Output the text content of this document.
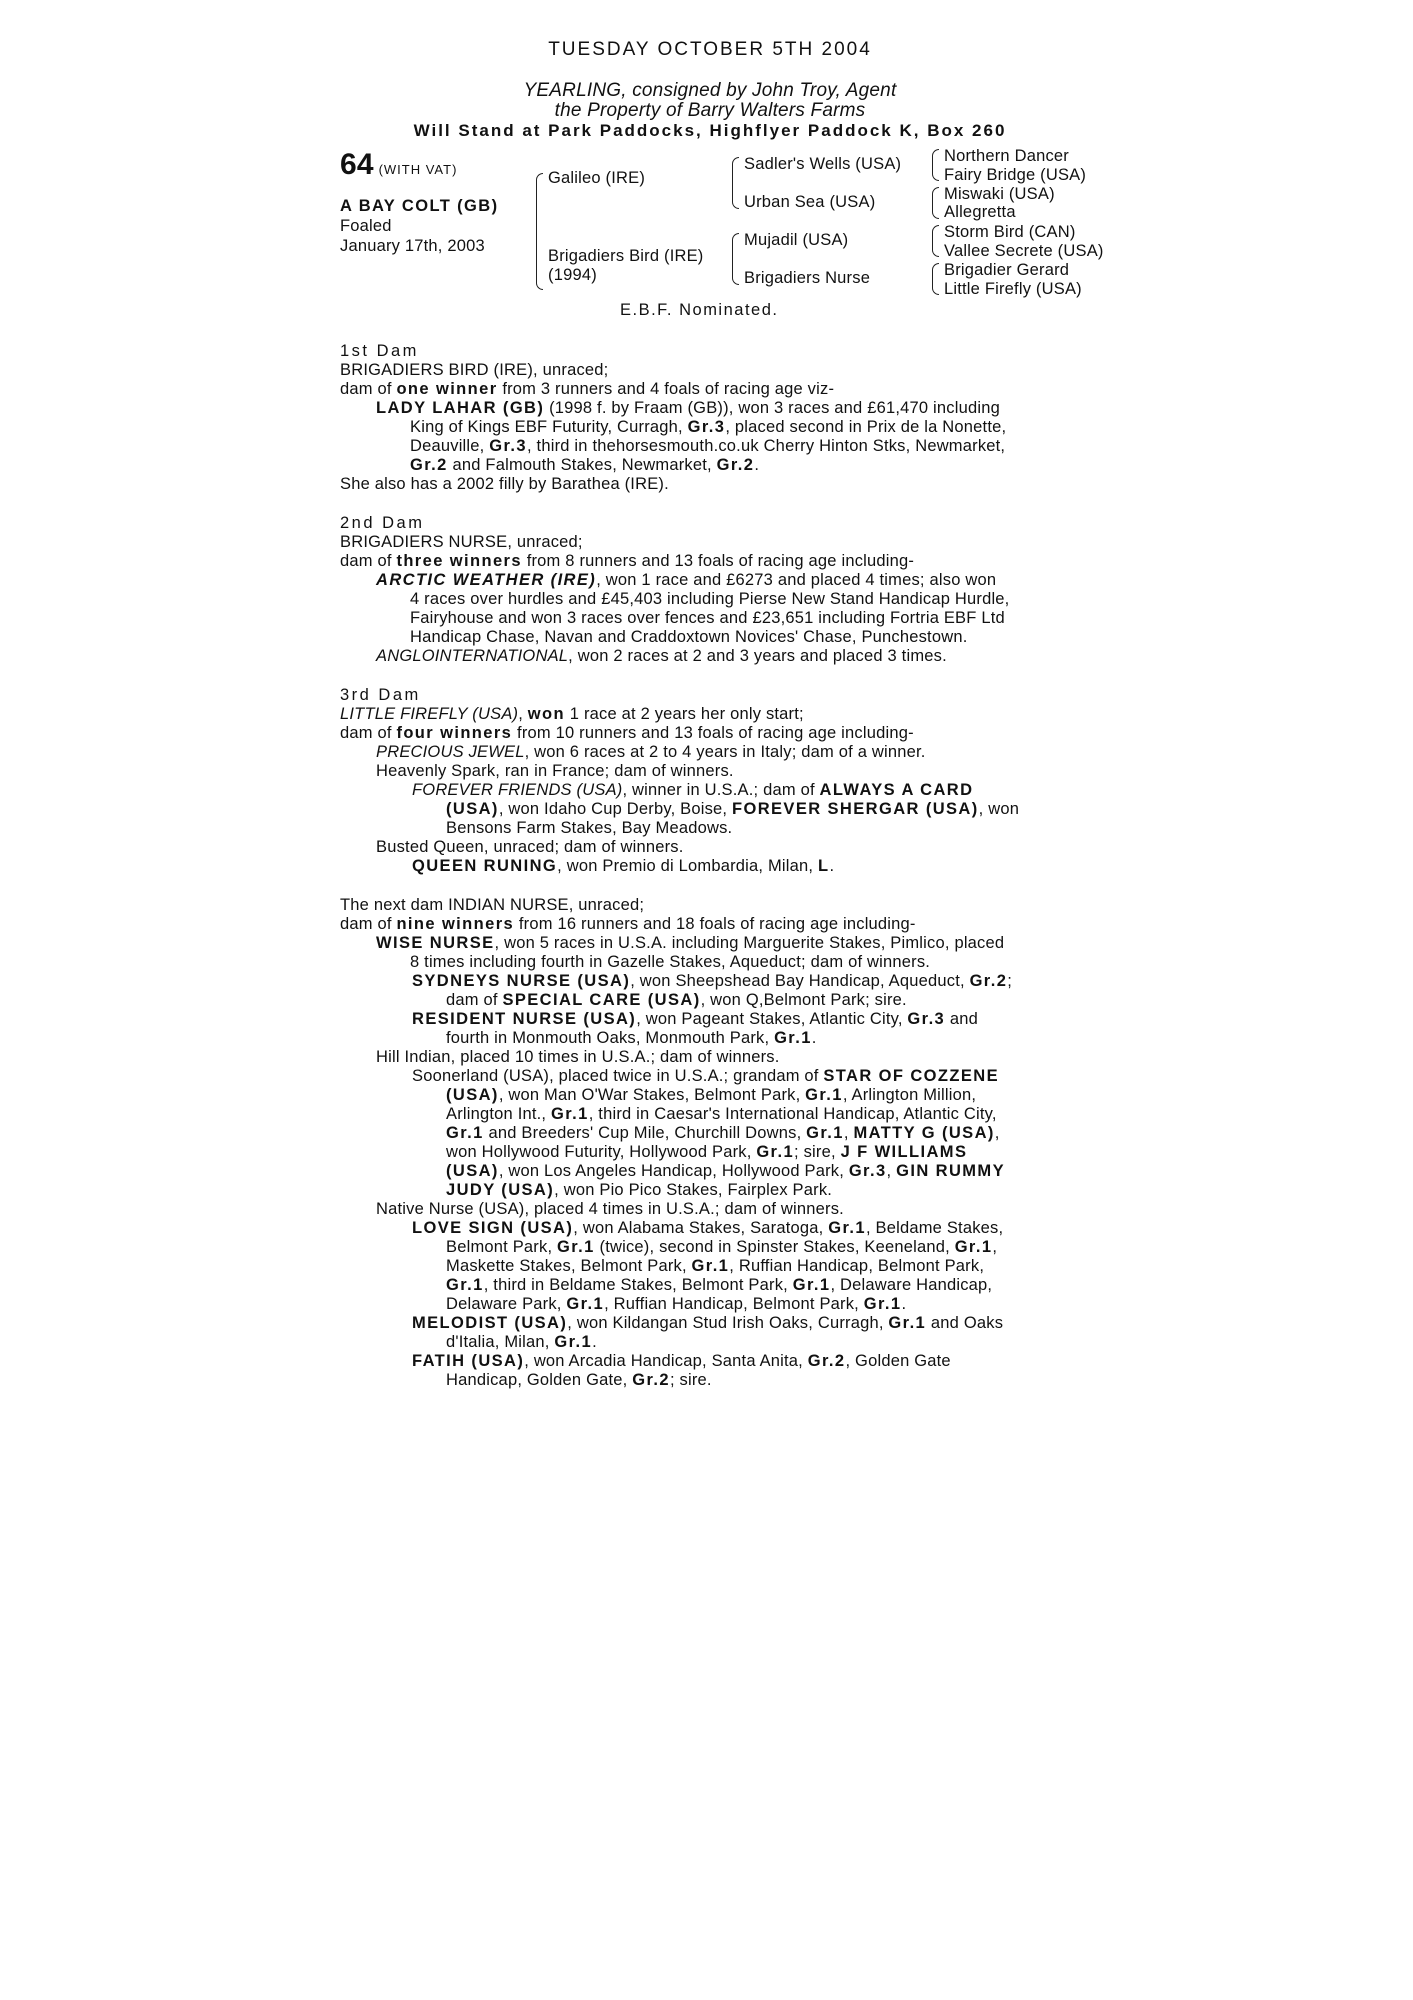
TUESDAY OCTOBER 5TH 2004
YEARLING, consigned by John Troy, Agent
the Property of Barry Walters Farms
Will Stand at Park Paddocks, Highflyer Paddock K, Box 260
64 (WITH VAT)
A BAY COLT (GB)
Foaled
January 17th, 2003
Galileo (IRE)
Brigadiers Bird (IRE)
(1994)
Sadler's Wells (USA)
Urban Sea (USA)
Mujadil (USA)
Brigadiers Nurse
Northern Dancer
Fairy Bridge (USA)
Miswaki (USA)
Allegretta
Storm Bird (CAN)
Vallee Secrete (USA)
Brigadier Gerard
Little Firefly (USA)
E.B.F. Nominated.
1st Dam
BRIGADIERS BIRD (IRE), unraced;
dam of one winner from 3 runners and 4 foals of racing age viz-
LADY LAHAR (GB) (1998 f. by Fraam (GB)), won 3 races and £61,470 including
King of Kings EBF Futurity, Curragh, Gr.3, placed second in Prix de la Nonette,
Deauville, Gr.3, third in thehorsesmouth.co.uk Cherry Hinton Stks, Newmarket,
Gr.2 and Falmouth Stakes, Newmarket, Gr.2.
She also has a 2002 filly by Barathea (IRE).
2nd Dam
BRIGADIERS NURSE, unraced;
dam of three winners from 8 runners and 13 foals of racing age including-
ARCTIC WEATHER (IRE), won 1 race and £6273 and placed 4 times; also won
4 races over hurdles and £45,403 including Pierse New Stand Handicap Hurdle,
Fairyhouse and won 3 races over fences and £23,651 including Fortria EBF Ltd
Handicap Chase, Navan and Craddoxtown Novices' Chase, Punchestown.
ANGLOINTERNATIONAL, won 2 races at 2 and 3 years and placed 3 times.
3rd Dam
LITTLE FIREFLY (USA), won 1 race at 2 years her only start;
dam of four winners from 10 runners and 13 foals of racing age including-
PRECIOUS JEWEL, won 6 races at 2 to 4 years in Italy; dam of a winner.
Heavenly Spark, ran in France; dam of winners.
FOREVER FRIENDS (USA), winner in U.S.A.; dam of ALWAYS A CARD
(USA), won Idaho Cup Derby, Boise, FOREVER SHERGAR (USA), won
Bensons Farm Stakes, Bay Meadows.
Busted Queen, unraced; dam of winners.
QUEEN RUNING, won Premio di Lombardia, Milan, L.
The next dam INDIAN NURSE, unraced;
dam of nine winners from 16 runners and 18 foals of racing age including-
WISE NURSE, won 5 races in U.S.A. including Marguerite Stakes, Pimlico, placed
8 times including fourth in Gazelle Stakes, Aqueduct; dam of winners.
SYDNEYS NURSE (USA), won Sheepshead Bay Handicap, Aqueduct, Gr.2;
dam of SPECIAL CARE (USA), won Q,Belmont Park; sire.
RESIDENT NURSE (USA), won Pageant Stakes, Atlantic City, Gr.3 and
fourth in Monmouth Oaks, Monmouth Park, Gr.1.
Hill Indian, placed 10 times in U.S.A.; dam of winners.
Soonerland (USA), placed twice in U.S.A.; grandam of STAR OF COZZENE
(USA), won Man O'War Stakes, Belmont Park, Gr.1, Arlington Million,
Arlington Int., Gr.1, third in Caesar's International Handicap, Atlantic City,
Gr.1 and Breeders' Cup Mile, Churchill Downs, Gr.1, MATTY G (USA),
won Hollywood Futurity, Hollywood Park, Gr.1; sire, J F WILLIAMS
(USA), won Los Angeles Handicap, Hollywood Park, Gr.3, GIN RUMMY
JUDY (USA), won Pio Pico Stakes, Fairplex Park.
Native Nurse (USA), placed 4 times in U.S.A.; dam of winners.
LOVE SIGN (USA), won Alabama Stakes, Saratoga, Gr.1, Beldame Stakes,
Belmont Park, Gr.1 (twice), second in Spinster Stakes, Keeneland, Gr.1,
Maskette Stakes, Belmont Park, Gr.1, Ruffian Handicap, Belmont Park,
Gr.1, third in Beldame Stakes, Belmont Park, Gr.1, Delaware Handicap,
Delaware Park, Gr.1, Ruffian Handicap, Belmont Park, Gr.1.
MELODIST (USA), won Kildangan Stud Irish Oaks, Curragh, Gr.1 and Oaks
d'Italia, Milan, Gr.1.
FATIH (USA), won Arcadia Handicap, Santa Anita, Gr.2, Golden Gate
Handicap, Golden Gate, Gr.2; sire.
